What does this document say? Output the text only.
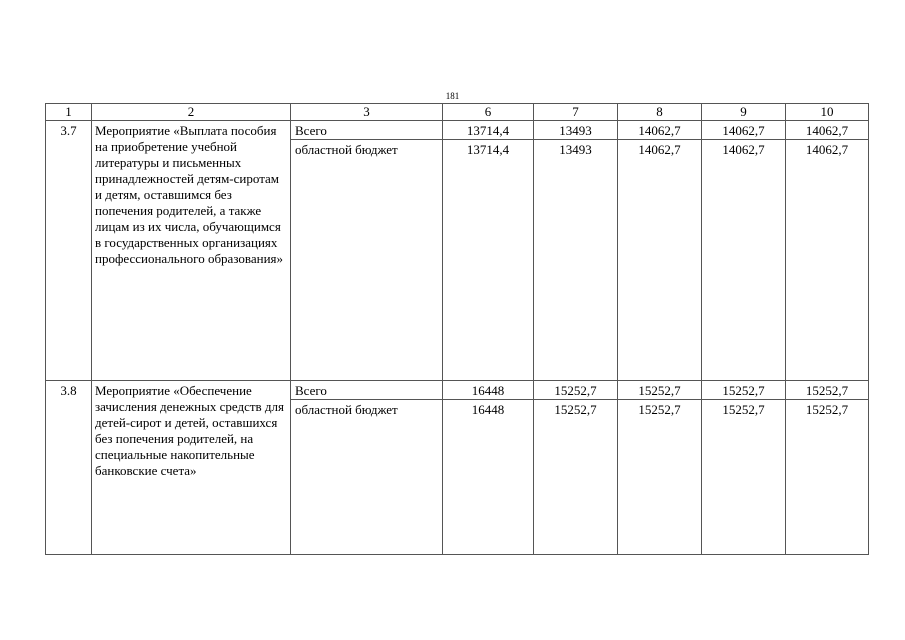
181
1	2	3	6	7	8	9	10
3.7	Мероприятие «Выплата пособия на приобретение учебной литературы и письменных принадлежностей детям-сиротам и детям, оставшимся без попечения родителей, а также лицам из их числа, обучающимся в государственных организациях профессионального образования»	Всего	13714,4	13493	14062,7	14062,7	14062,7
		областной бюджет	13714,4	13493	14062,7	14062,7	14062,7
3.8	Мероприятие «Обеспечение зачисления денежных средств для детей-сирот и детей, оставшихся без попечения родителей, на специальные накопительные банковские счета»	Всего	16448	15252,7	15252,7	15252,7	15252,7
		областной бюджет	16448	15252,7	15252,7	15252,7	15252,7
